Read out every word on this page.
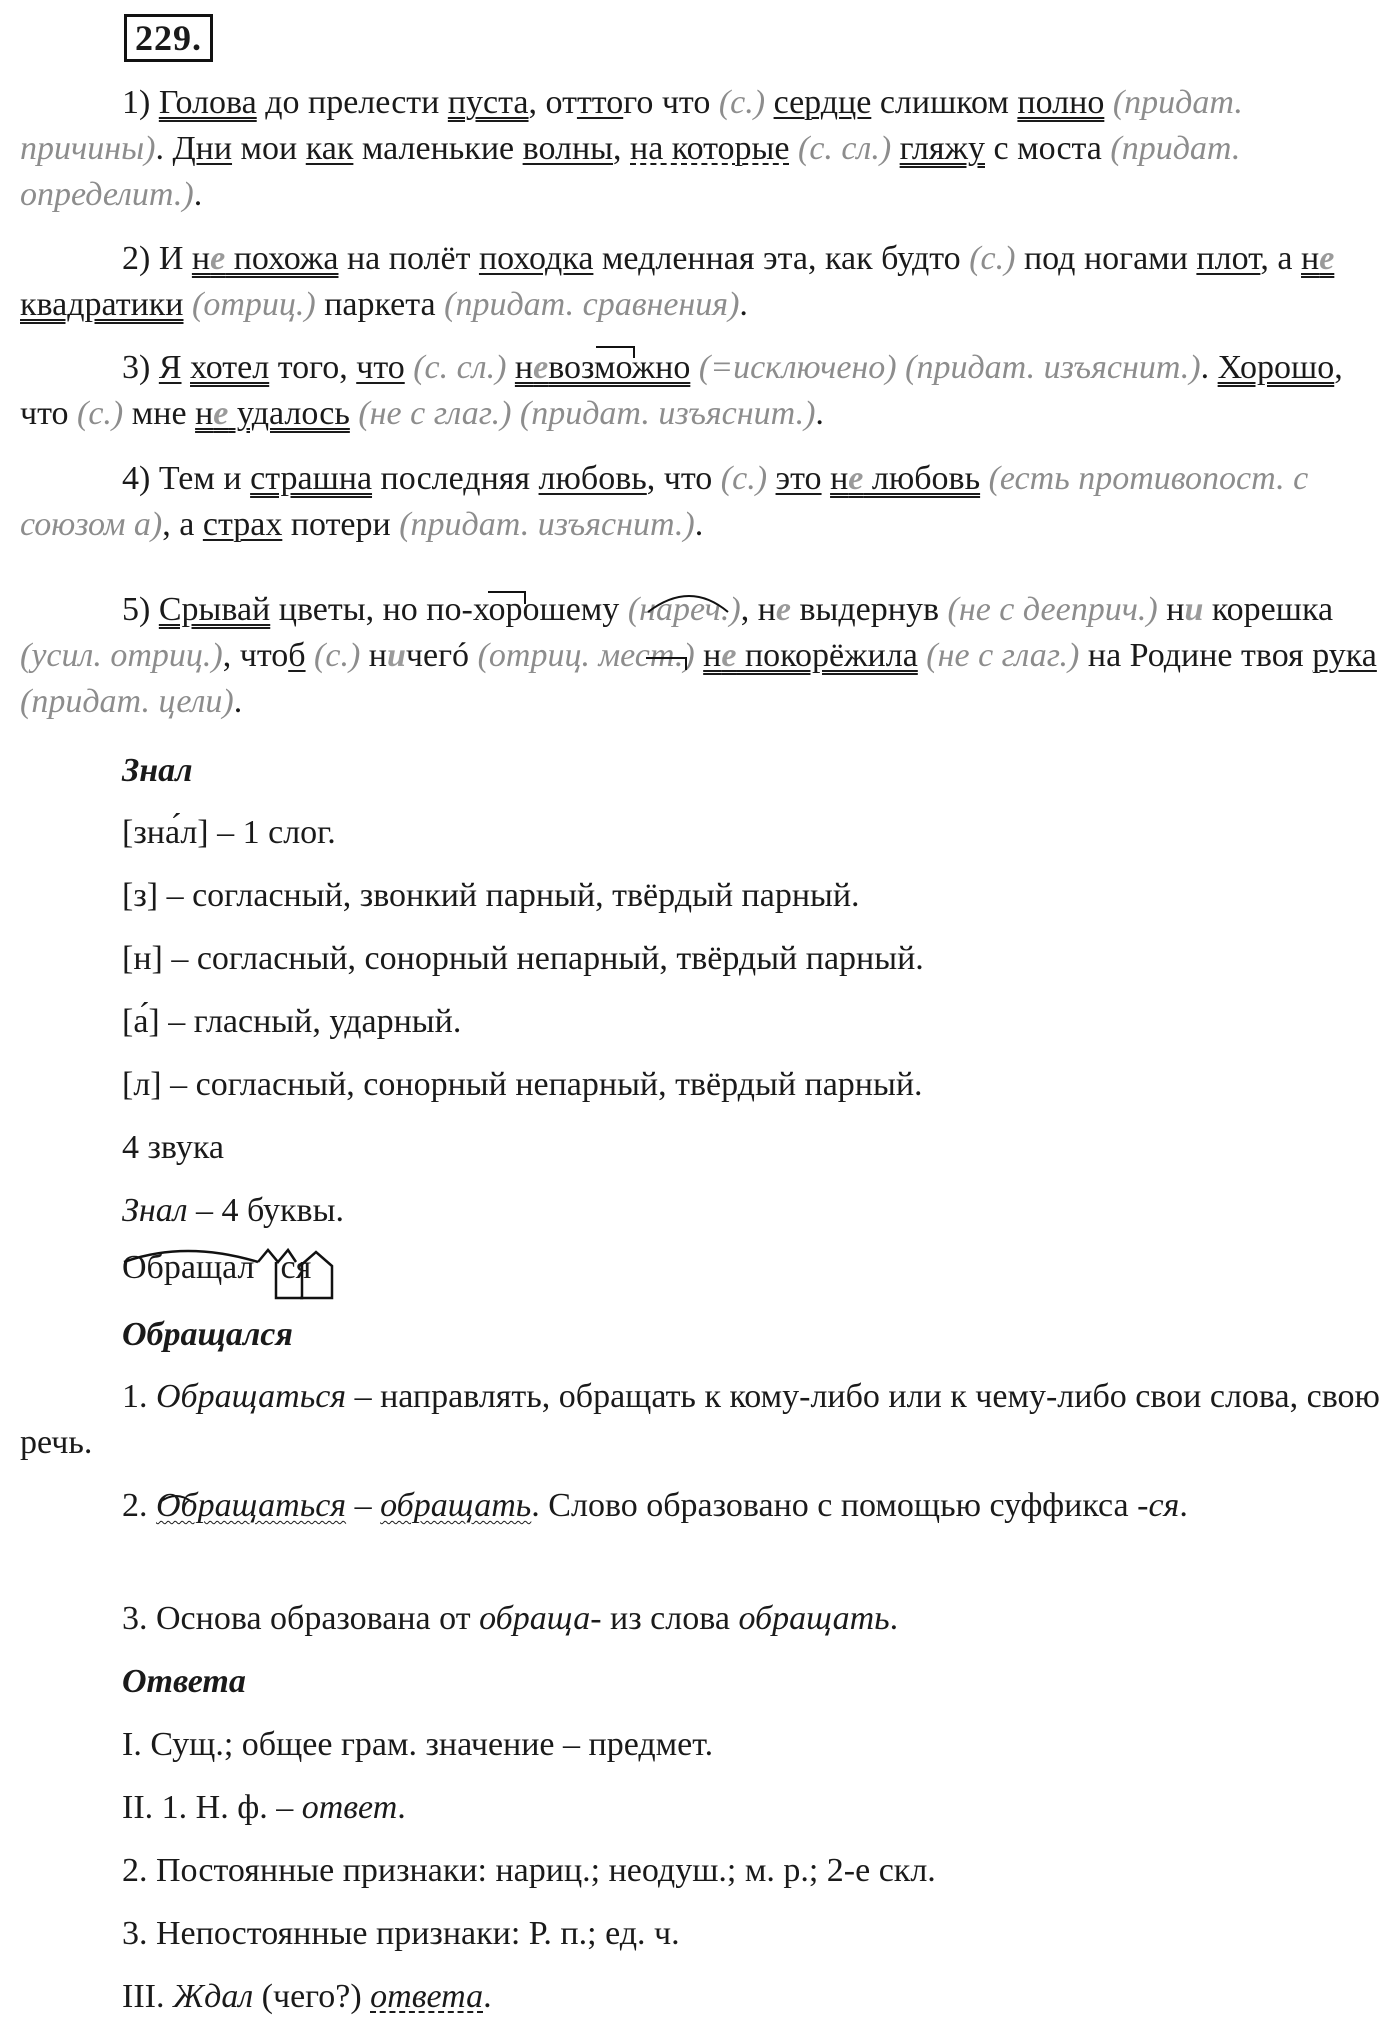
229.

1) Голова до прелести пуста, отттого что (с.) сердце слишком полно (придат. причины). Дни мои как маленькие волны, на которые (с. сл.) гляжу с моста (придат. определит.).

2) И не похожа на полёт походка медленная эта, как будто (с.) под ногами плот, а не квадратики (отриц.) паркета (придат. сравнения).

3) Я хотел того, что (с. сл.) невозможно (=исключено) (придат. изъяснит.). Хорошо, что (с.) мне не удалось (не с глаг.) (придат. изъяснит.).

4) Тем и страшна последняя любовь, что (с.) это не любовь (есть противопост. с союзом а), а страх потери (придат. изъяснит.).

5) Срывай цветы, но по-хорошему (нареч.), не выдернув (не с дееприч.) ни корешка (усил. отриц.), чтоб (с.) ничегó (отриц. мест.) не покорёжила (не с глаг.) на Родине твоя рука (придат. цели).

Знал
[зна́л] – 1 слог.
[з] – согласный, звонкий парный, твёрдый парный.
[н] – согласный, сонорный непарный, твёрдый парный.
[а́] – гласный, ударный.
[л] – согласный, сонорный непарный, твёрдый парный.
4 звука
Знал – 4 буквы.
Обращал ся
Обращался

1. Обращаться – направлять, обращать к кому-либо или к чему-либо свои слова, свою речь.

2. Обращаться – обращать. Слово образовано с помощью суффикса -ся.

3. Основа образована от обраща- из слова обращать.
Ответа
I. Сущ.; общее грам. значение – предмет.
II. 1. Н. ф. – ответ.
2. Постоянные признаки: нариц.; неодуш.; м. р.; 2-е скл.
3. Непостоянные признаки: Р. п.; ед. ч.
III. Ждал (чего?) ответа.
